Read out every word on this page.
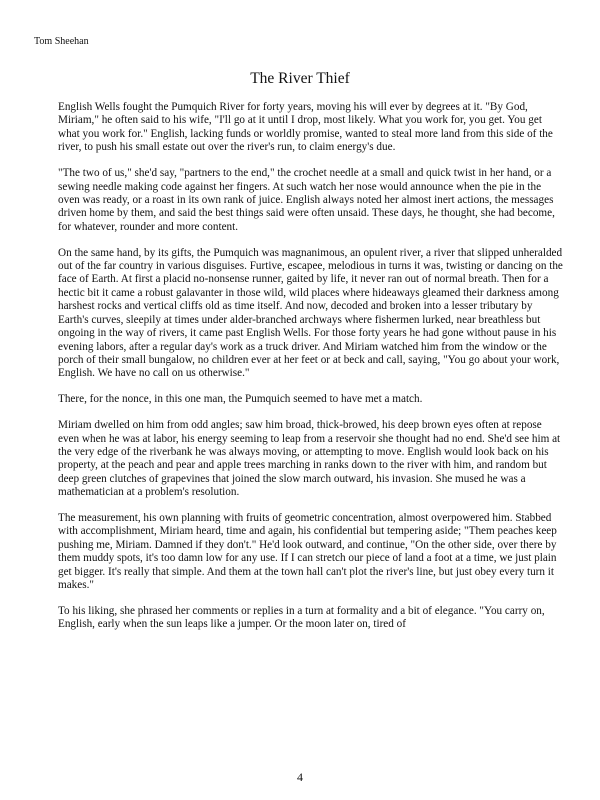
Tom Sheehan
The River Thief

English Wells fought the Pumquich River for forty years, moving his will ever by degrees at it. "By God, Miriam," he often said to his wife, "I'll go at it until I drop, most likely. What you work for, you get. You get what you work for." English, lacking funds or worldly promise, wanted to steal more land from this side of the river, to push his small estate out over the river's run, to claim energy's due.

"The two of us," she'd say, "partners to the end," the crochet needle at a small and quick twist in her hand, or a sewing needle making code against her fingers. At such watch her nose would announce when the pie in the oven was ready, or a roast in its own rank of juice. English always noted her almost inert actions, the messages driven home by them, and said the best things said were often unsaid. These days, he thought, she had become, for whatever, rounder and more content.

On the same hand, by its gifts, the Pumquich was magnanimous, an opulent river, a river that slipped unheralded out of the far country in various disguises. Furtive, escapee, melodious in turns it was, twisting or dancing on the face of Earth. At first a placid no-nonsense runner, gaited by life, it never ran out of normal breath. Then for a hectic bit it came a robust galavanter in those wild, wild places where hideaways gleamed their darkness among harshest rocks and vertical cliffs old as time itself. And now, decoded and broken into a lesser tributary by Earth's curves, sleepily at times under alder-branched archways where fishermen lurked, near breathless but ongoing in the way of rivers, it came past English Wells. For those forty years he had gone without pause in his evening labors, after a regular day's work as a truck driver. And Miriam watched him from the window or the porch of their small bungalow, no children ever at her feet or at beck and call, saying, "You go about your work, English. We have no call on us otherwise."

There, for the nonce, in this one man, the Pumquich seemed to have met a match.

Miriam dwelled on him from odd angles; saw him broad, thick-browed, his deep brown eyes often at repose even when he was at labor, his energy seeming to leap from a reservoir she thought had no end. She'd see him at the very edge of the riverbank he was always moving, or attempting to move. English would look back on his property, at the peach and pear and apple trees marching in ranks down to the river with him, and random but deep green clutches of grapevines that joined the slow march outward, his invasion. She mused he was a mathematician at a problem's resolution.

The measurement, his own planning with fruits of geometric concentration, almost overpowered him. Stabbed with accomplishment, Miriam heard, time and again, his confidential but tempering aside; "Them peaches keep pushing me, Miriam. Damned if they don't." He'd look outward, and continue, "On the other side, over there by them muddy spots, it's too damn low for any use. If I can stretch our piece of land a foot at a time, we just plain get bigger. It's really that simple. And them at the town hall can't plot the river's line, but just obey every turn it makes."

To his liking, she phrased her comments or replies in a turn at formality and a bit of elegance. "You carry on, English, early when the sun leaps like a jumper. Or the moon later on, tired of

4
